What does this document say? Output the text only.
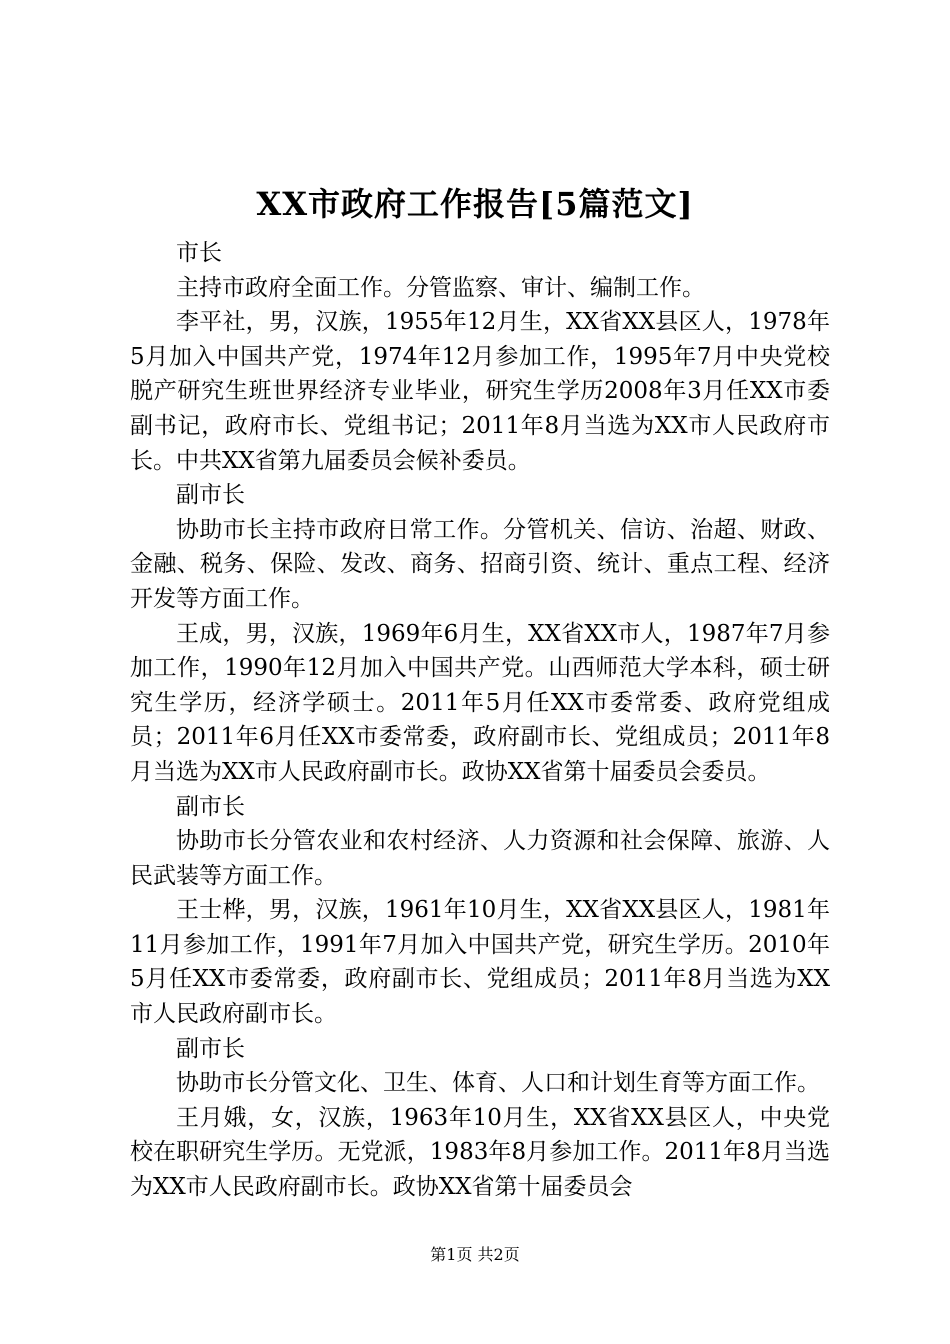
XX市政府工作报告[5篇范文]

市长

主持市政府全面工作。分管监察、审计、编制工作。

李平社，男，汉族，1955年12月生，XX省XX县区人，1978年5月加入中国共产党，1974年12月参加工作，1995年7月中央党校脱产研究生班世界经济专业毕业，研究生学历2008年3月任XX市委副书记，政府市长、党组书记；2011年8月当选为XX市人民政府市长。中共XX省第九届委员会候补委员。

副市长

协助市长主持市政府日常工作。分管机关、信访、治超、财政、金融、税务、保险、发改、商务、招商引资、统计、重点工程、经济开发等方面工作。

王成，男，汉族，1969年6月生，XX省XX市人，1987年7月参加工作，1990年12月加入中国共产党。山西师范大学本科，硕士研究生学历，经济学硕士。2011年5月任XX市委常委、政府党组成员；2011年6月任XX市委常委，政府副市长、党组成员；2011年8月当选为XX市人民政府副市长。政协XX省第十届委员会委员。

副市长

协助市长分管农业和农村经济、人力资源和社会保障、旅游、人民武装等方面工作。

王士桦，男，汉族，1961年10月生，XX省XX县区人，1981年11月参加工作，1991年7月加入中国共产党，研究生学历。2010年5月任XX市委常委，政府副市长、党组成员；2011年8月当选为XX市人民政府副市长。

副市长

协助市长分管文化、卫生、体育、人口和计划生育等方面工作。

王月娥，女，汉族，1963年10月生，XX省XX县区人，中央党校在职研究生学历。无党派，1983年8月参加工作。2011年8月当选为XX市人民政府副市长。政协XX省第十届委员会

第1页 共2页
